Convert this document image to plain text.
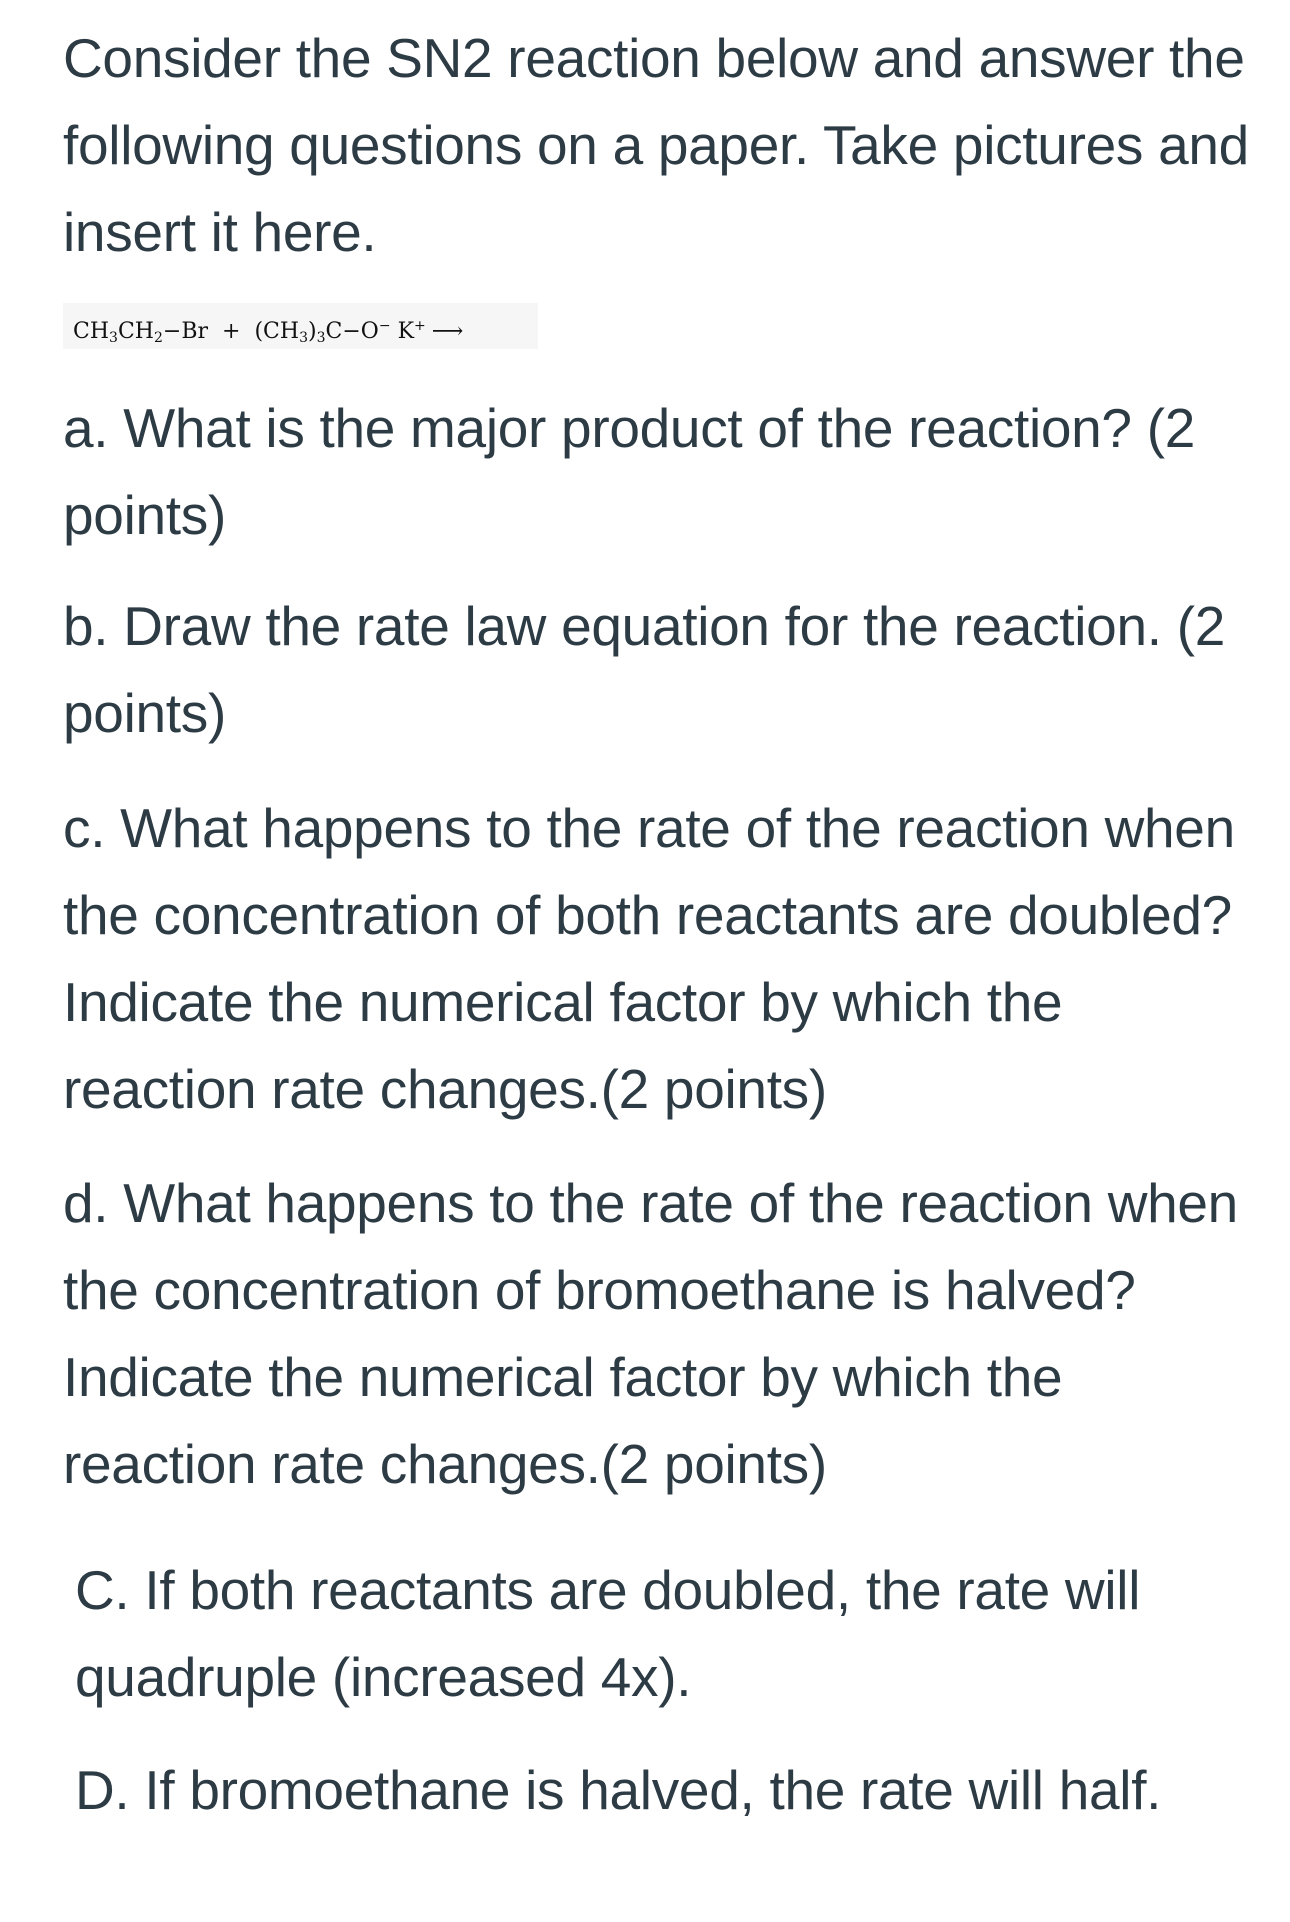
Consider the SN2 reaction below and answer the following questions on a paper. Take pictures and insert it here.

$CH_3CH_2-Br + (CH_3)_3C-O^-$ K+ ⟶

a. What is the major product of the reaction? (2 points)

b. Draw the rate law equation for the reaction. (2 points)

c. What happens to the rate of the reaction when the concentration of both reactants are doubled? Indicate the numerical factor by which the reaction rate changes.(2 points)

d. What happens to the rate of the reaction when the concentration of bromoethane is halved? Indicate the numerical factor by which the reaction rate changes.(2 points)

C. If both reactants are doubled, the rate will quadruple (increased 4x).

D. If bromoethane is halved, the rate will half.
